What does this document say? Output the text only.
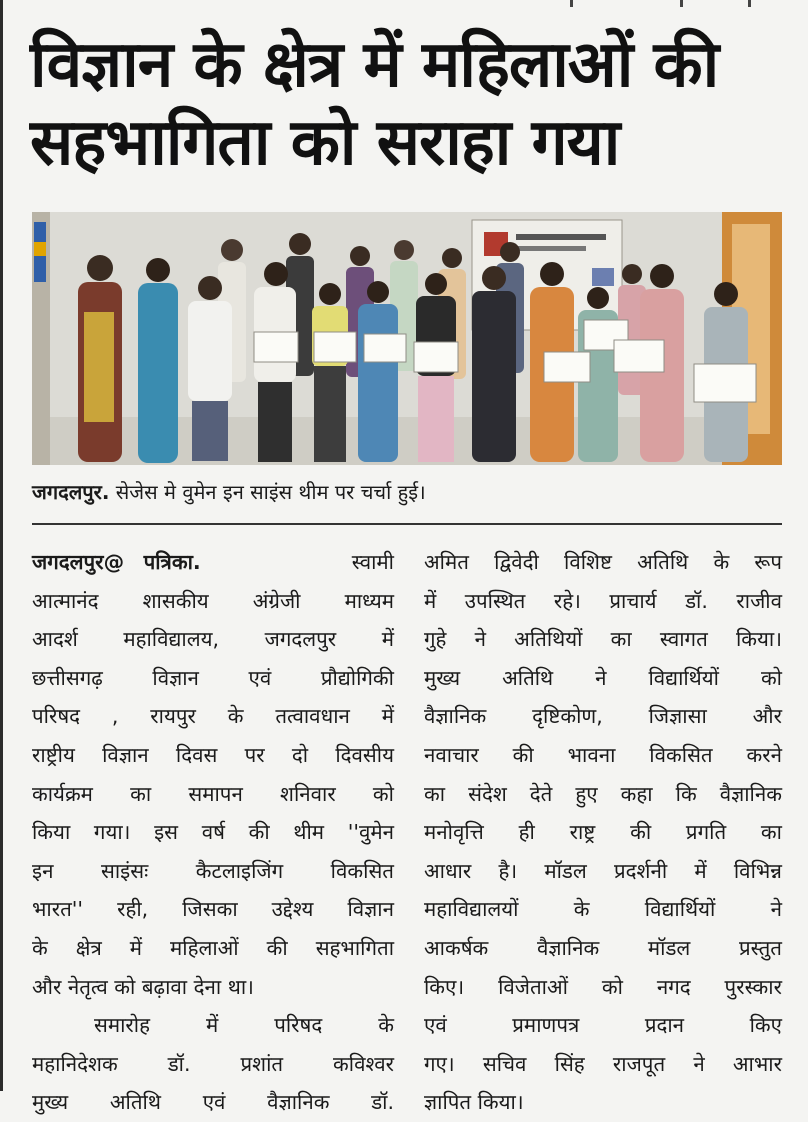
विज्ञान के क्षेत्र में महिलाओं की
सहभागिता को सराहा गया
जगदलपुर. सेजेस मे वुमेन इन साइंस थीम पर चर्चा हुई।
जगदलपुर@ पत्रिका.	स्वामी
आत्मानंद शासकीय अंग्रेजी माध्यम
आदर्श महाविद्यालय, जगदलपुर में
छत्तीसगढ़ विज्ञान एवं प्रौद्योगिकी
परिषद , रायपुर के तत्वावधान में
राष्ट्रीय विज्ञान दिवस पर दो दिवसीय
कार्यक्रम का समापन शनिवार को
किया गया। इस वर्ष की थीम ''वुमेन
इन साइंसः कैटलाइजिंग विकसित
भारत'' रही, जिसका उद्देश्य विज्ञान
के क्षेत्र में महिलाओं की सहभागिता
और नेतृत्व को बढ़ावा देना था।
समारोह में परिषद के
महानिदेशक डॉ. प्रशांत कविश्वर
मुख्य अतिथि एवं वैज्ञानिक डॉ.
अमित द्विवेदी विशिष्ट अतिथि के रूप
में उपस्थित रहे। प्राचार्य डॉ. राजीव
गुहे ने अतिथियों का स्वागत किया।
मुख्य अतिथि ने विद्यार्थियों को
वैज्ञानिक दृष्टिकोण, जिज्ञासा और
नवाचार की भावना विकसित करने
का संदेश देते हुए कहा कि वैज्ञानिक
मनोवृत्ति ही राष्ट्र की प्रगति का
आधार है। मॉडल प्रदर्शनी में विभिन्न
महाविद्यालयों के विद्यार्थियों ने
आकर्षक वैज्ञानिक मॉडल प्रस्तुत
किए। विजेताओं को नगद पुरस्कार
एवं प्रमाणपत्र प्रदान किए
गए। सचिव सिंह राजपूत ने आभार
ज्ञापित किया।
